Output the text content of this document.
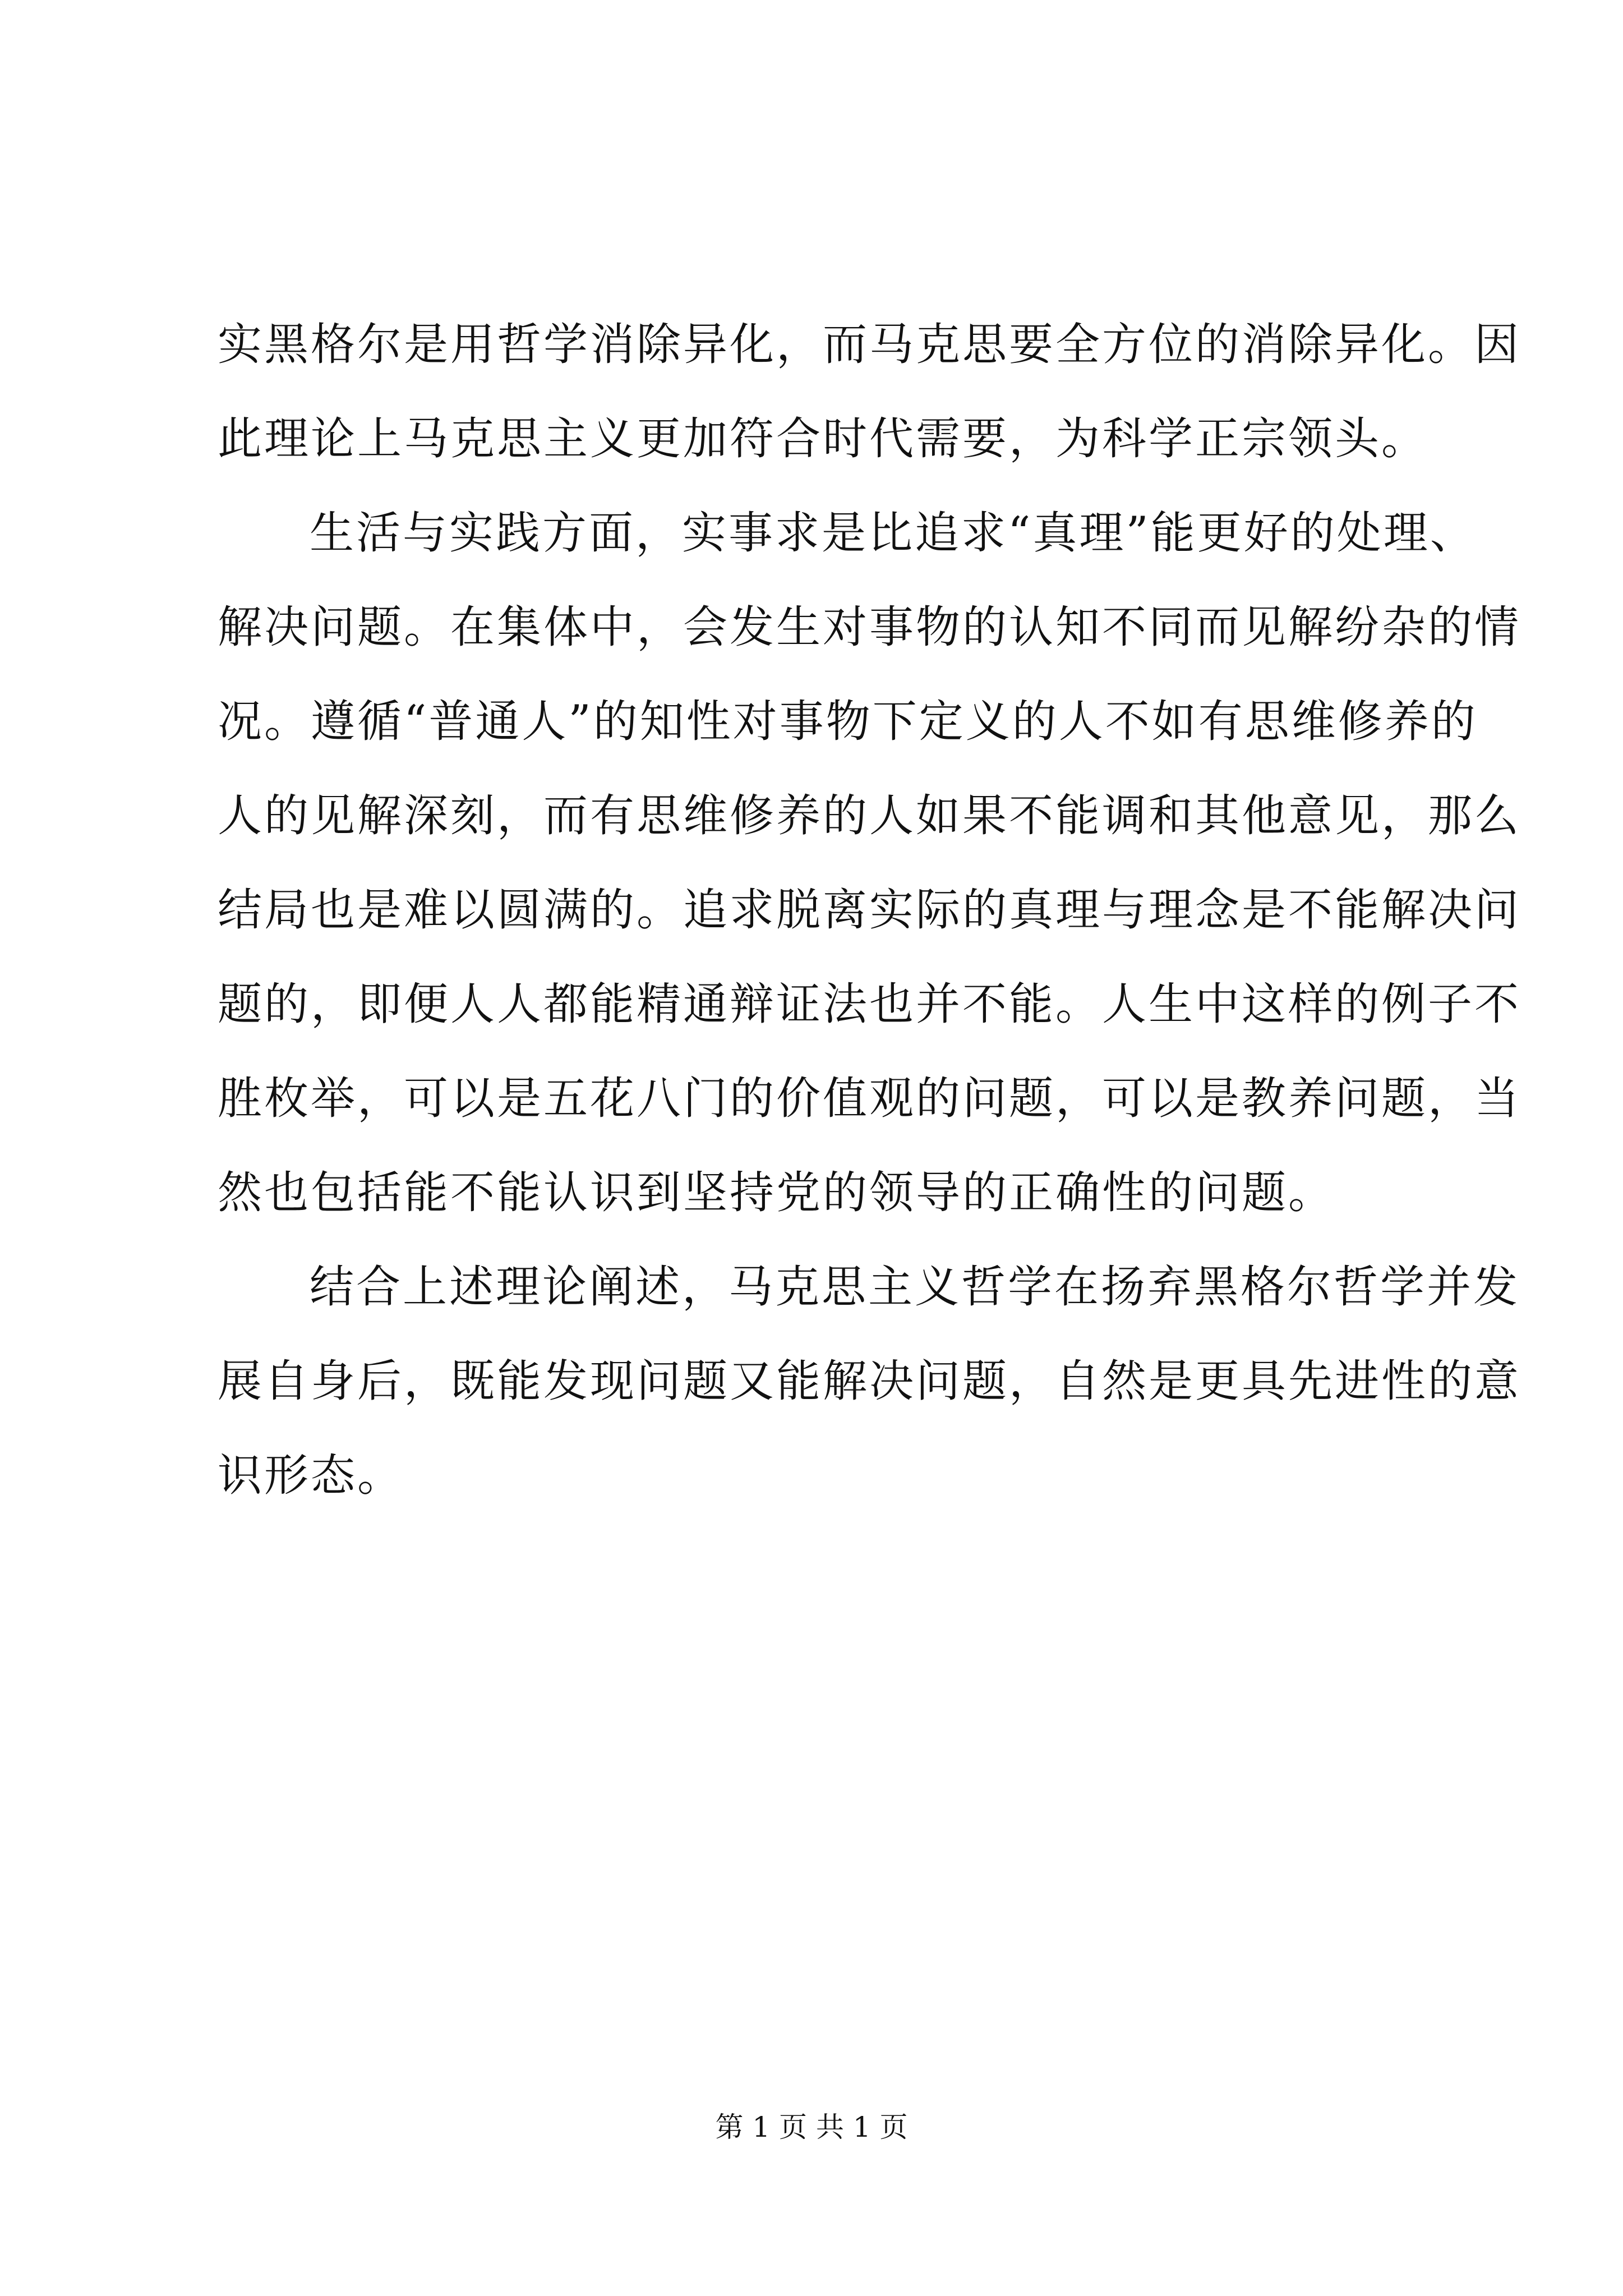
实黑格尔是用哲学消除异化，而马克思要全方位的消除异化。因
此理论上马克思主义更加符合时代需要，为科学正宗领头。
生活与实践方面，实事求是比追求“真理”能更好的处理、
解决问题。在集体中，会发生对事物的认知不同而见解纷杂的情
况。遵循“普通人”的知性对事物下定义的人不如有思维修养的
人的见解深刻，而有思维修养的人如果不能调和其他意见，那么
结局也是难以圆满的。追求脱离实际的真理与理念是不能解决问
题的，即便人人都能精通辩证法也并不能。人生中这样的例子不
胜枚举，可以是五花八门的价值观的问题，可以是教养问题，当
然也包括能不能认识到坚持党的领导的正确性的问题。
结合上述理论阐述，马克思主义哲学在扬弃黑格尔哲学并发
展自身后，既能发现问题又能解决问题，自然是更具先进性的意
识形态。
第 1 页 共 1 页
